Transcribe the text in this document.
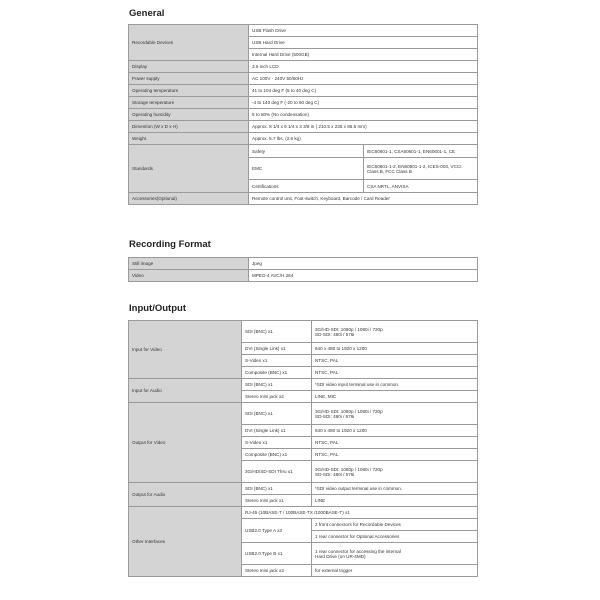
General
Recordable Devices	USB Flash Drive	
	USB Hard Drive	
	Internal Hard Drive (500GB)	
Display	3.5 inch LCD	
Power supply	AC 100V - 240V 50/60Hz	
Operating temperature	41 to 104 deg F (5 to 40 deg C)	
Storage temperature	-4 to 140 deg F (-20 to 60 deg C)	
Operating humidity	5 to 80% (No condensation)	
Dimention (W x D x H)	Approx. 8 1/4 x 9 1/4 x 3 3/8 in ( 210.5 x 235 x 85.5 mm)	
Weight	Approx. 5.7 lbs. (2.6 kg)	
Standards	Safety	IEC60601-1, CSA60601-1, EN60601-1, CE
	EMC	IEC60601-1-2, EN60601-1-2, ICES-003, VCCI
Class B, FCC Class B
	Certifications	CSA NRTL, ANVISA
Accessories(Optional)	Remote control unit, Foot-switch, Keyboard, Barcode / Card Reader	
Recording Format
Still image	Jpeg
Video	MPEG-4 AVC/H.264
Input/Output
Input for Video	SDI (BNC) x1	3G/HD-SDI: 1080p / 1080i / 720p
SD-SDI: 480i / 576i
	DVI (Single Link) x1	640 x 480 to 1920 x 1200
	S-Video x1	NTSC, PAL
	Composite (BNC) x1	NTSC, PAL
Input for Audio	SDI (BNC) x1	*SDI video input terminal use in common.
	Stereo mini jack x2	LINE, MIC
Output for Video	SDI (BNC) x1	3G/HD-SDI: 1080p / 1080i / 720p
SD-SDI: 480i / 576i
	DVI (Single Link) x1	640 x 480 to 1920 x 1200
	S-Video x1	NTSC, PAL
	Composite (BNC) x1	NTSC, PAL
	3G/HD/SD-SDI Thru x1	3G/HD-SDI: 1080p / 1080i / 720p
SD-SDI: 480i / 576i
Output for Audio	SDI (BNC) x1	*SDI video output terminal use in common.
	Stereo mini jack x1	LINE
Other Interfaces	RJ-45 (10BASE-T / 100BASE-TX /1000BASE-T) x1	
	USB2.0 Type A x3	2 front connectors for Recordable Devices
		1 rear connector for Optional Accessories
	USB2.0 Type B x1	1 rear connector for accessing the internal
Hard Drive (on UR-4MD)
	Stereo mini jack x3	for external trigger
